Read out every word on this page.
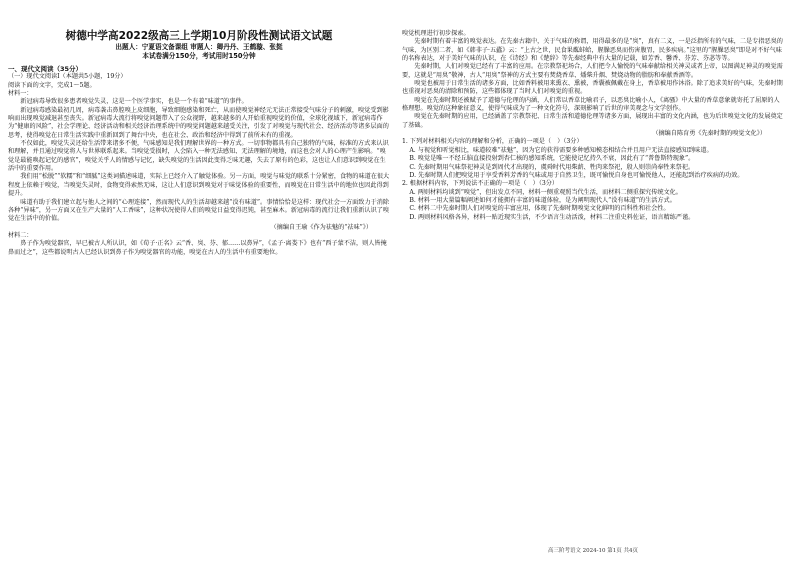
树德中学高2022级高三上学期10月阶段性测试语文试题
出题人：宁夏语文备课组 审题人：卿丹丹、王鹤璇、张挺
本试卷满分150分，考试用时150分钟
一、现代文阅读（35分）

（一）现代文阅读Ⅰ（本题共5小题，19分）

阅读下面的文字，完成1～5题。

材料一：

新冠病毒导致很多患者嗅觉失灵，这是一个医学事实，也是一个有着“味道”的事件。

新冠病毒感染最初几周，病毒袭击鼻腔嗅上皮细胞，导致细胞感染和死亡，从而使嗅觉神经元无法正常接受气味分子的刺激，嗅觉受到影响而出现嗅觉减退甚至丧失。新冠病毒大流行将嗅觉问题带入了公众视野，越来越多的人开始重视嗅觉的价值，全球化视域下，新冠病毒作为“健康的风险”，社会学理论、经济活动和相关经济治理系统中的嗅觉问题越来越受关注，引发了对嗅觉与现代社会、经济活动等诸多层面的思考，使得嗅觉在日常生活实践中重新回到了舞台中央，也在社会、政治和经济中得到了前所未有的重视。

不仅如此，嗅觉失灵还给生活带来诸多不便，气味感知是我们理解世界的一种方式。一切事物都具有自己独特的气味，标准的方式来认识和理解，并且通过嗅觉将人与世界联系起来。当嗅觉受损时，人会陷入一种无法感知、无法理解的境地，而这也会对人的心理产生影响。“嗅觉是最能唤起记忆的感官”，嗅觉关乎人的情感与记忆，缺失嗅觉的生活因此变得乏味无趣，失去了原有的色彩，这也让人们意识到嗅觉在生活中的重要作用。

我们用“松脱”“软糯”和“细腻”这类词描述味道，实际上已经介入了触觉体验。另一方面，嗅觉与味觉的联系十分紧密，食物的味道在很大程度上依赖于嗅觉，当嗅觉失灵时，食物变得索然无味，这让人们意识到嗅觉对于味觉体验的重要性，而嗅觉在日常生活中的地位也因此得到提升。

味道有助于我们建立起与他人之间的“心理连接”，然而现代人的生活却越来越“没有味道”。事情恰恰是这样：现代社会一方面致力于消除各种“异味”，另一方面又在生产大量的“人工香味”，这种状况使得人们的嗅觉日益变得迟钝，甚至麻木。新冠病毒的流行让我们重新认识了嗅觉在生活中的价值。

（摘编自王瑜《作为祛魅的“祛味”》）

材料二：

鼻子作为嗅觉器官，早已被古人所认识，如《荀子·正名》云“香、臭、芬、郁……以鼻异”，《孟子·离娄下》也有“西子蒙不洁，则人皆掩鼻而过之”，这些都说明古人已经认识到鼻子作为嗅觉器官的功能，嗅觉在古人的生活中有重要地位。

嗅觉机理进行初步探索。

先秦时期有着丰富的嗅觉表达。在先秦古籍中，关于气味的称谓，用得最多的是“臭”，真有二义，一是泛指所有的气味，二是专指恶臭的气味，为区别二者，如《韩非子·五蠹》云：“上古之世，民食果蓏蚌蛤，腥臊恶臭而伤害腹胃，民多疾病。”这里的“腥臊恶臭”即是对不好气味的名称表达，对于美好气味的认识，在《诗经》和《楚辞》等先秦经典中有大量的记载，如芳香、馨香、芬芳、芬苾等等。

先秦时期，人们对嗅觉已经有了丰富的应用。在宗教祭祀场合，人们把令人愉悦的气味奉献给相关神灵或者上帝，以图满足神灵的嗅觉需要，这就是“用臭”敬神，古人“用臭”祭神的方式主要有焚烧香草、燔柴升烟、焚烧动物的脂肪和奉献香酒等。

嗅觉也被用于日常生活的诸多方面，比如香料被用来熏衣、熏被，香囊被佩戴在身上，香草被用作沐浴。除了追求美好的气味，先秦时期也重视对恶臭的清除和预防，这些都体现了当时人们对嗅觉的重视。

嗅觉在先秦时期还被赋予了道德与伦理的内涵，人们常以香草比喻君子，以恶臭比喻小人，《离骚》中大量的香草意象就寄托了屈原的人格理想。嗅觉的这种象征意义，使得气味成为了一种文化符号，深刻影响了后世的审美观念与文学创作。

嗅觉在先秦时期的应用，已经涵盖了宗教祭祀、日常生活和道德伦理等诸多方面，展现出丰富的文化内涵，也为后世嗅觉文化的发展奠定了基础。

（摘编自陈育勇《先秦时期的嗅觉文化》）

1. 下列对材料相关内容的理解和分析，正确的一项是（　）（3分）

A. 与视觉和听觉相比，味道较难“祛魅”，因为它的获得需要多种感知模态相结合并且用户无法直接感知到味道。

B. 嗅觉是唯一不经丘脑直接投射到杏仁核的感知系统，它能使记忆持久不衰，因此有了“普鲁斯特现象”。

C. 先秦时期用气味祭祀神灵是到周代才出现的，虞舜时代用柴薪、牲肉来祭祀，殷人则崇尚奉牲来祭祀。

D. 先秦时期人们把嗅觉用于享受香料芳香的气味或用于自然卫生，既可愉悦自身也可愉悦他人，还能起到治疗疾病的功效。

2. 根据材料内容，下列说法不正确的一项是（　）（3分）

A. 两则材料均谈到“嗅觉”，但出发点不同，材料一侧重观照当代生活，而材料二侧重探究传统文化。

B. 材料一用大量篇幅阐述如何才能拥有丰富的味道体验，是为阐明现代人“没有味道”的生活方式。

C. 材料二中先秦时期人们对嗅觉的丰富应用，体现了先秦时期嗅觉文化鲜明的百科性和社会性。

D. 两则材料风格各异，材料一贴近现实生活，不少语言生动活泼，材料二注重史料佐证，语言精练严谨。

高三阶考语文 2024-10 第1页 共4页
